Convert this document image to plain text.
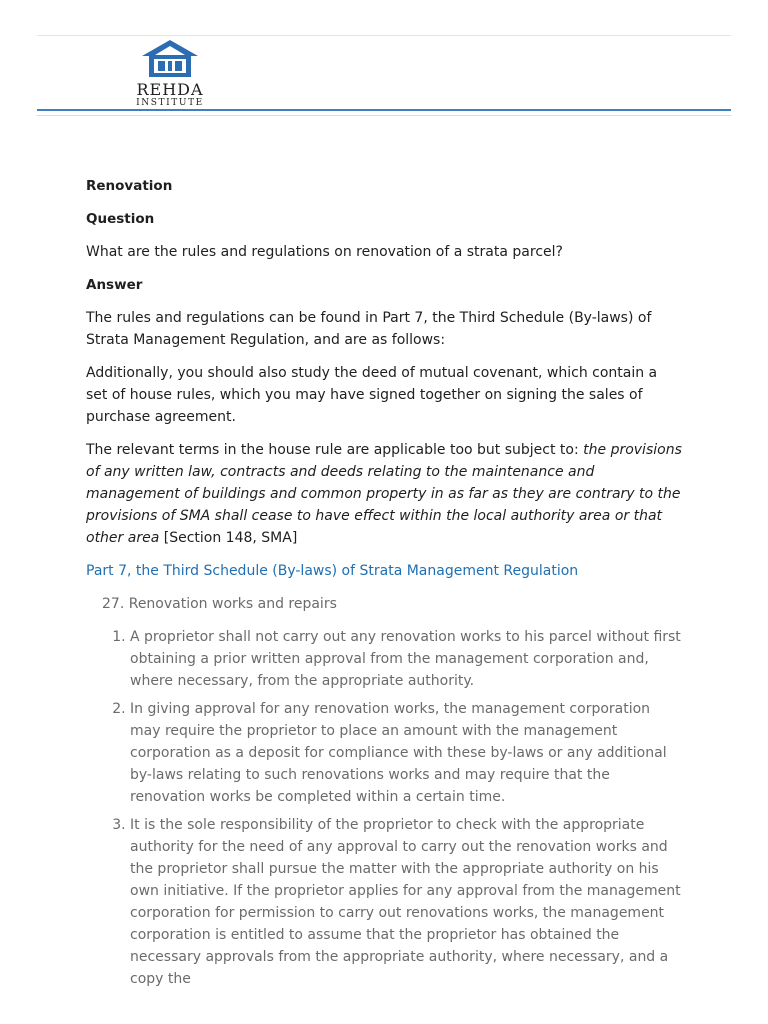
REHDA
INSTITUTE
Renovation
Question
What are the rules and regulations on renovation of a strata parcel?
Answer
The rules and regulations can be found in Part 7, the Third Schedule (By-laws) of Strata Management Regulation, and are as follows:
Additionally, you should also study the deed of mutual covenant, which contain a set of house rules, which you may have signed together on signing the sales of purchase agreement.
The relevant terms in the house rule are applicable too but subject to: the provisions of any written law, contracts and deeds relating to the maintenance and management of buildings and common property in as far as they are contrary to the provisions of SMA shall cease to have effect within the local authority area or that other area [Section 148, SMA]
Part 7, the Third Schedule (By-laws) of Strata Management Regulation
27. Renovation works and repairs
1. A proprietor shall not carry out any renovation works to his parcel without first obtaining a prior written approval from the management corporation and, where necessary, from the appropriate authority.
2. In giving approval for any renovation works, the management corporation may require the proprietor to place an amount with the management corporation as a deposit for compliance with these by-laws or any additional by-laws relating to such renovations works and may require that the renovation works be completed within a certain time.
3. It is the sole responsibility of the proprietor to check with the appropriate authority for the need of any approval to carry out the renovation works and the proprietor shall pursue the matter with the appropriate authority on his own initiative. If the proprietor applies for any approval from the management corporation for permission to carry out renovations works, the management corporation is entitled to assume that the proprietor has obtained the necessary approvals from the appropriate authority, where necessary, and a copy the
